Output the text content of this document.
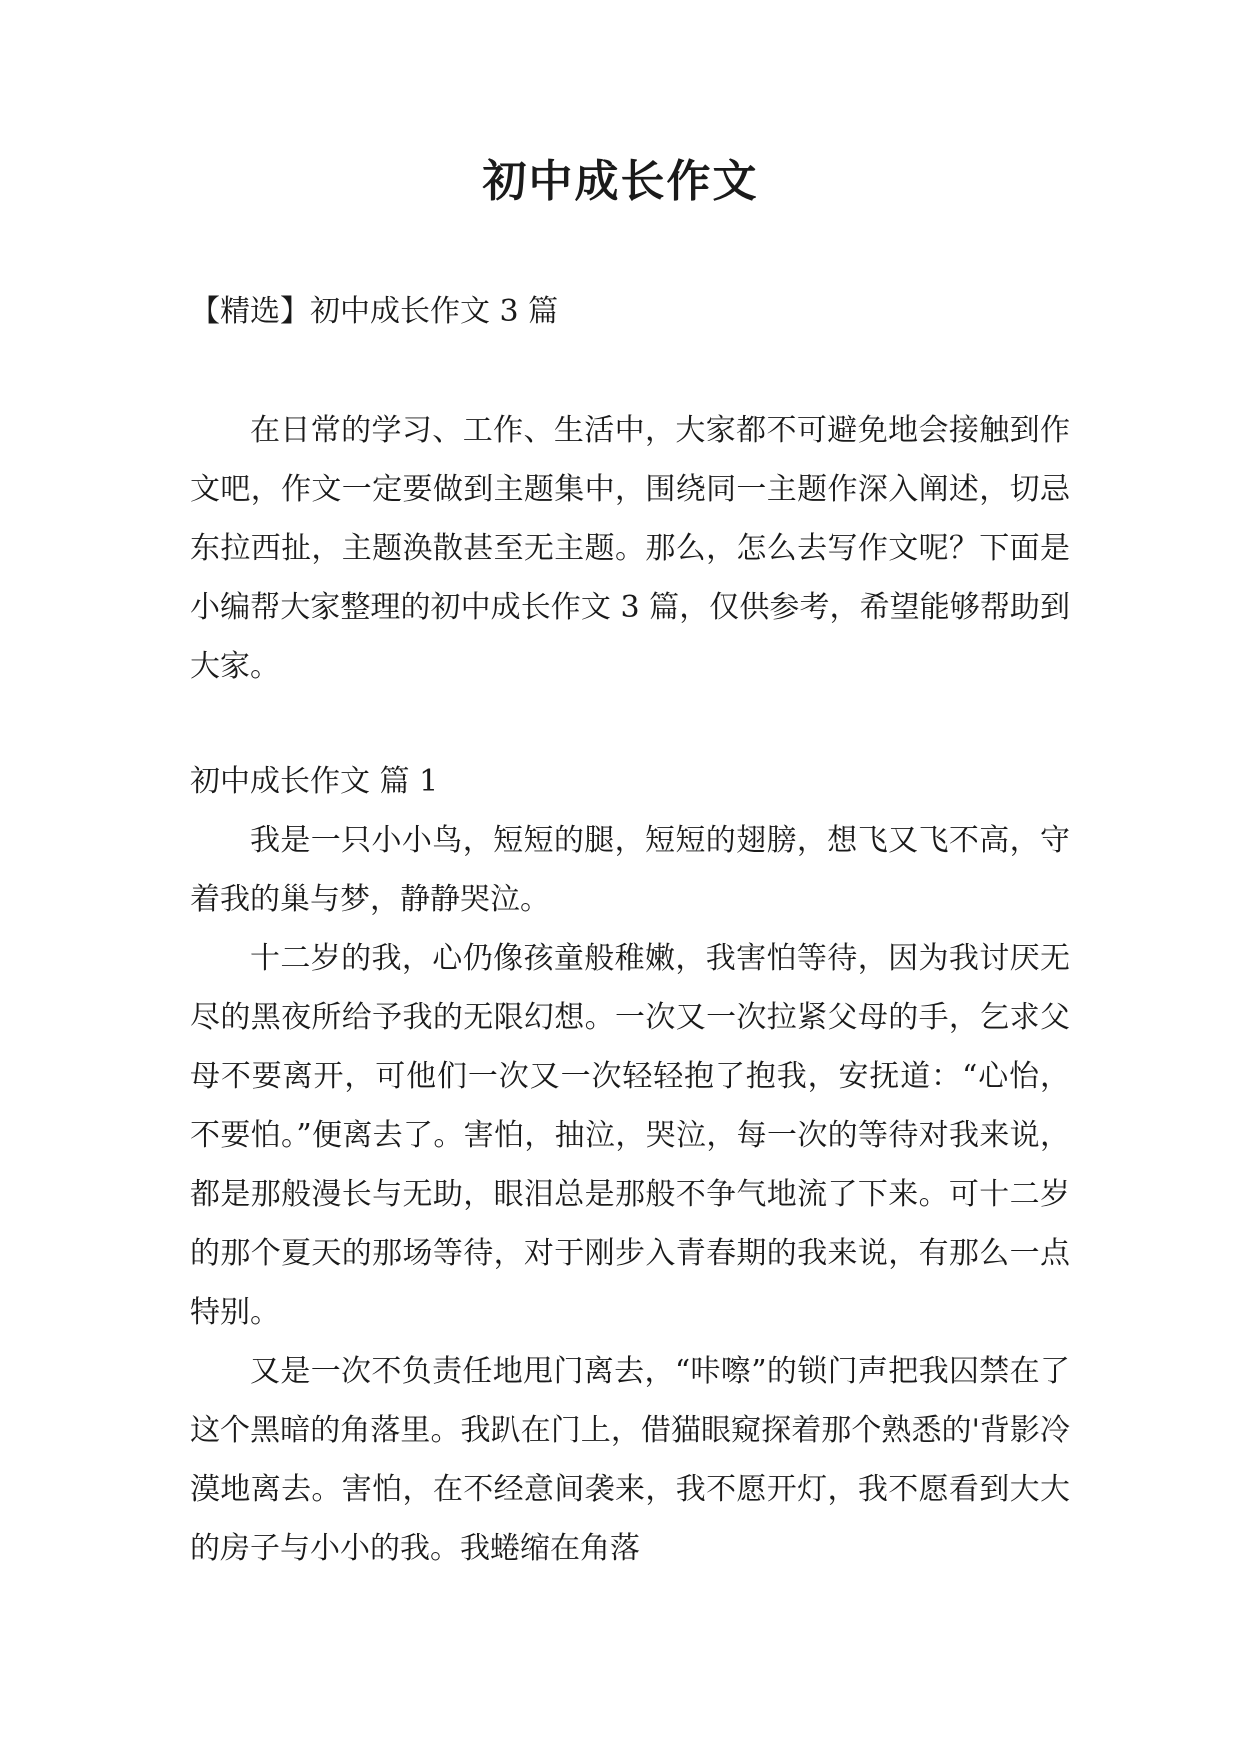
初中成长作文
【精选】初中成长作文 3 篇

在日常的学习、工作、生活中，大家都不可避免地会接触到作文吧，作文一定要做到主题集中，围绕同一主题作深入阐述，切忌东拉西扯，主题涣散甚至无主题。那么，怎么去写作文呢？下面是小编帮大家整理的初中成长作文 3 篇，仅供参考，希望能够帮助到大家。

初中成长作文 篇 1

我是一只小小鸟，短短的腿，短短的翅膀，想飞又飞不高，守着我的巢与梦，静静哭泣。

十二岁的我，心仍像孩童般稚嫩，我害怕等待，因为我讨厌无尽的黑夜所给予我的无限幻想。一次又一次拉紧父母的手，乞求父母不要离开，可他们一次又一次轻轻抱了抱我，安抚道：“心怡，不要怕。”便离去了。害怕，抽泣，哭泣，每一次的等待对我来说，都是那般漫长与无助，眼泪总是那般不争气地流了下来。可十二岁的那个夏天的那场等待，对于刚步入青春期的我来说，有那么一点特别。

又是一次不负责任地甩门离去，“咔嚓”的锁门声把我囚禁在了这个黑暗的角落里。我趴在门上，借猫眼窥探着那个熟悉的'背影冷漠地离去。害怕，在不经意间袭来，我不愿开灯，我不愿看到大大的房子与小小的我。我蜷缩在角落
